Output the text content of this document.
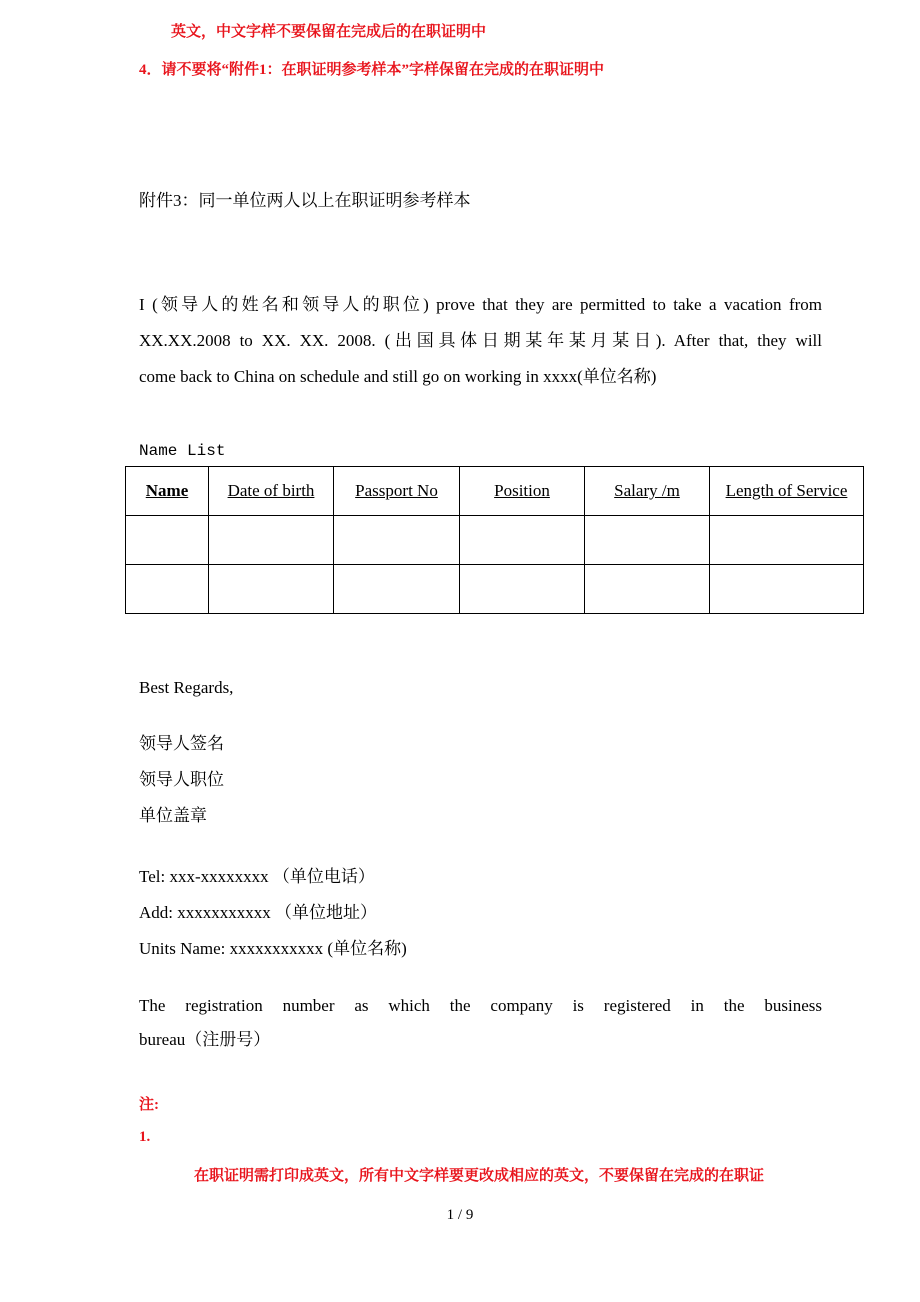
英文，中文字样不要保留在完成后的在职证明中
4．请不要将“附件1：在职证明参考样本”字样保留在完成的在职证明中
附件3：同一单位两人以上在职证明参考样本
I (领导人的姓名和领导人的职位) prove that they are permitted to take a vacation from
XX.XX.2008 to XX. XX. 2008. (出国具体日期某年某月某日). After that, they will
come back to China on schedule and still go on working in xxxx(单位名称)
Name List
Name	Date of birth	Passport No	Position	Salary /m	Length of Service

Best Regards,
领导人签名
领导人职位
单位盖章
Tel: xxx-xxxxxxxx （单位电话）
Add: xxxxxxxxxxx （单位地址）
Units Name: xxxxxxxxxxx (单位名称)
The registration number as which the company is registered in the business
bureau（注册号）
注:
1.
在职证明需打印成英文，所有中文字样要更改成相应的英文，不要保留在完成的在职证
1 / 9
